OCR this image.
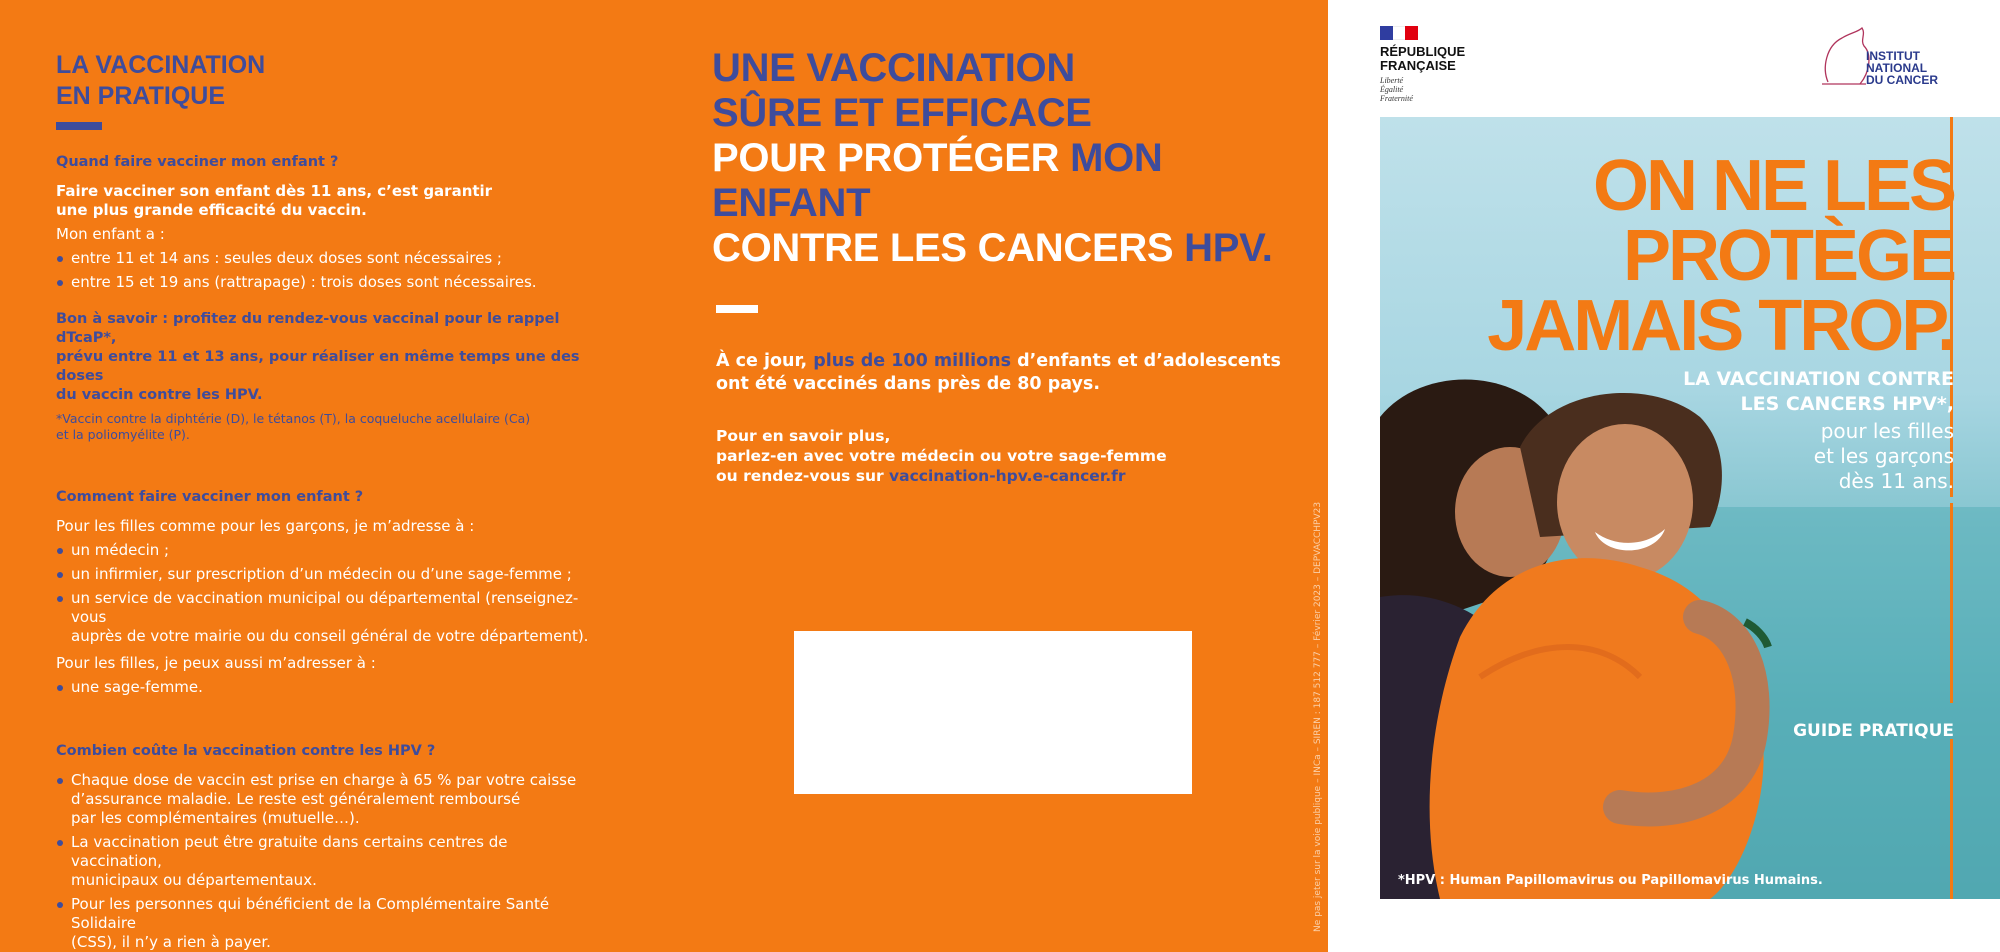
LA VACCINATION
EN PRATIQUE

Quand faire vacciner mon enfant ?

Faire vacciner son enfant dès 11 ans, c’est garantir
une plus grande efficacité du vaccin.

Mon enfant a :

entre 11 et 14 ans : seules deux doses sont nécessaires ;
entre 15 et 19 ans (rattrapage) : trois doses sont nécessaires.

Bon à savoir : profitez du rendez-vous vaccinal pour le rappel dTcaP*,
prévu entre 11 et 13 ans, pour réaliser en même temps une des doses
du vaccin contre les HPV.

*Vaccin contre la diphtérie (D), le tétanos (T), la coqueluche acellulaire (Ca)
et la poliomyélite (P).

Comment faire vacciner mon enfant ?

Pour les filles comme pour les garçons, je m’adresse à :

un médecin ;
un infirmier, sur prescription d’un médecin ou d’une sage-femme ;
un service de vaccination municipal ou départemental (renseignez-vous
auprès de votre mairie ou du conseil général de votre département).

Pour les filles, je peux aussi m’adresser à :

une sage-femme.

Combien coûte la vaccination contre les HPV ?

Chaque dose de vaccin est prise en charge à 65 % par votre caisse
d’assurance maladie. Le reste est généralement remboursé
par les complémentaires (mutuelle…).
La vaccination peut être gratuite dans certains centres de vaccination,
municipaux ou départementaux.
Pour les personnes qui bénéficient de la Complémentaire Santé Solidaire
(CSS), il n’y a rien à payer.

UNE VACCINATION
SÛRE ET EFFICACE
POUR PROTÉGER MON ENFANT
CONTRE LES CANCERS HPV.

À ce jour, plus de 100 millions d’enfants et d’adolescents
ont été vaccinés dans près de 80 pays.

Pour en savoir plus,
parlez-en avec votre médecin ou votre sage-femme
ou rendez-vous sur vaccination-hpv.e-cancer.fr

Ne pas jeter sur la voie publique – INCa – SIREN : 187 512 777 – Février 2023 – DEPVACCHPV23
RÉPUBLIQUE
FRANÇAISE
Liberté
Égalité
Fraternité
INSTITUT
NATIONAL
DU CANCER

ON NE LES
PROTÈGE
JAMAIS TROP.

LA VACCINATION CONTRE
LES CANCERS HPV*,

pour les filles
et les garçons
dès 11 ans.

GUIDE PRATIQUE

*HPV : Human Papillomavirus ou Papillomavirus Humains.
